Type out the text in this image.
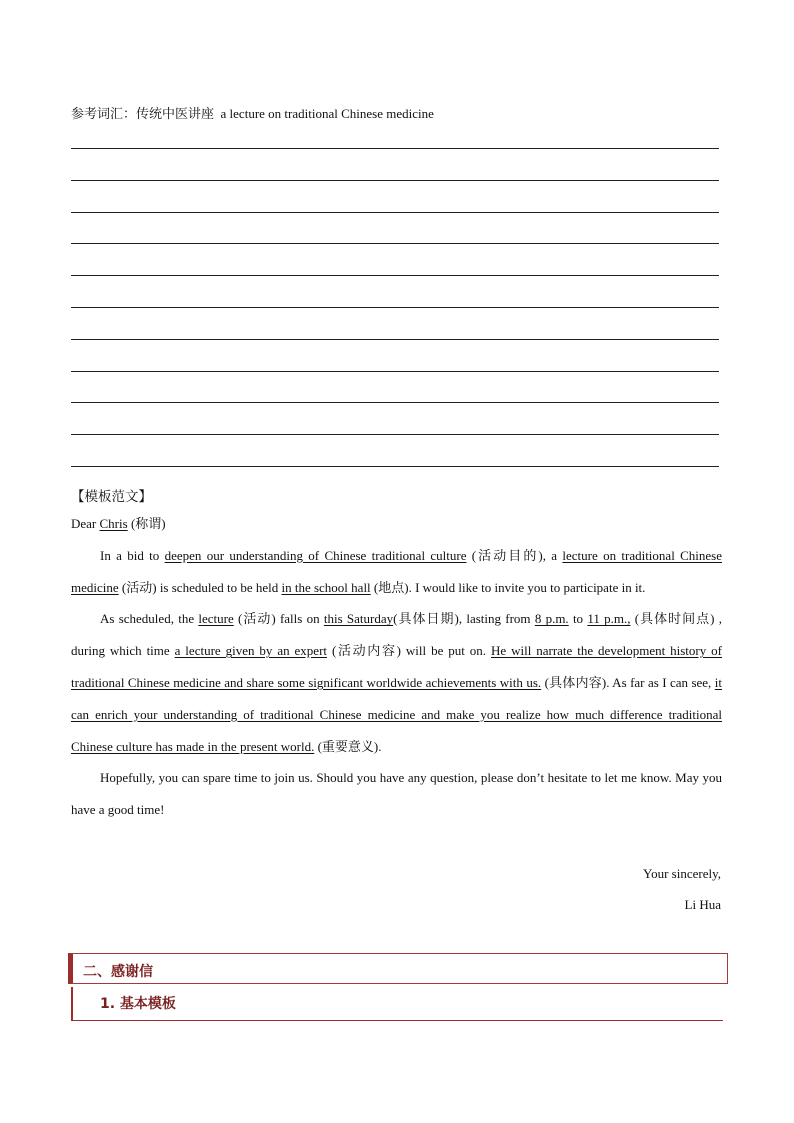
参考词汇：传统中医讲座 a lecture on traditional Chinese medicine
【模板范文】

Dear Chris (称谓)

In a bid to deepen our understanding of Chinese traditional culture (活动目的), a lecture on traditional Chinese medicine (活动) is scheduled to be held in the school hall (地点). I would like to invite you to participate in it.

As scheduled, the lecture (活动) falls on this Saturday(具体日期), lasting from 8 p.m. to 11 p.m., (具体时间点) , during which time a lecture given by an expert (活动内容) will be put on. He will narrate the development history of traditional Chinese medicine and share some significant worldwide achievements with us. (具体内容). As far as I can see, it can enrich your understanding of traditional Chinese medicine and make you realize how much difference traditional Chinese culture has made in the present world. (重要意义).

Hopefully, you can spare time to join us. Should you have any question, please don’t hesitate to let me know. May you have a good time!

Your sincerely,
Li Hua
二、感谢信
1. 基本模板
